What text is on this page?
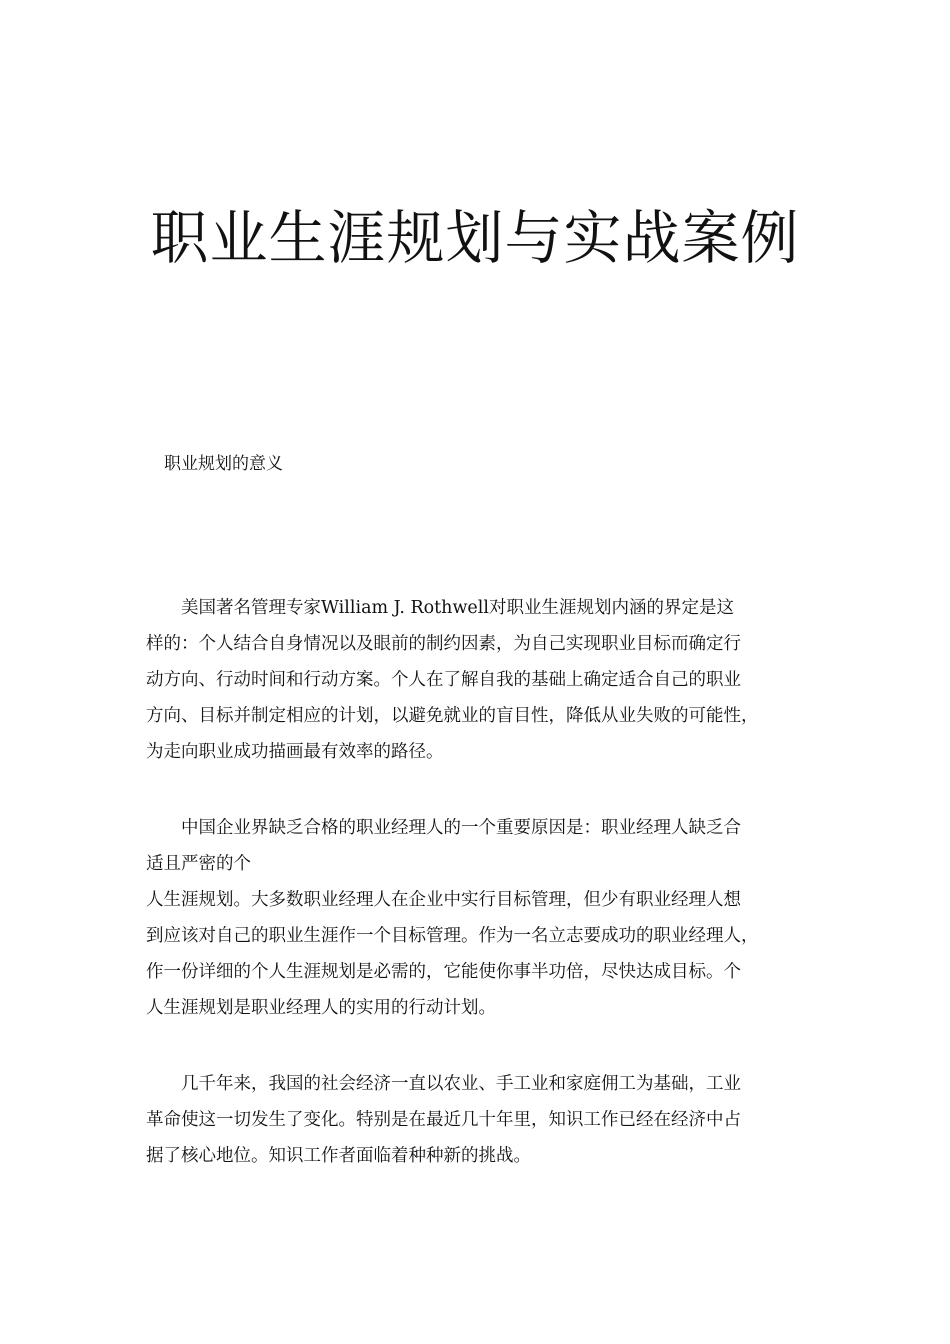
职业生涯规划与实战案例
职业规划的意义
美国著名管理专家William J. Rothwell对职业生涯规划内涵的界定是这
样的：个人结合自身情况以及眼前的制约因素，为自己实现职业目标而确定行
动方向、行动时间和行动方案。个人在了解自我的基础上确定适合自己的职业
方向、目标并制定相应的计划，以避免就业的盲目性，降低从业失败的可能性，
为走向职业成功描画最有效率的路径。
中国企业界缺乏合格的职业经理人的一个重要原因是：职业经理人缺乏合
适且严密的个
人生涯规划。大多数职业经理人在企业中实行目标管理，但少有职业经理人想
到应该对自己的职业生涯作一个目标管理。作为一名立志要成功的职业经理人，
作一份详细的个人生涯规划是必需的，它能使你事半功倍，尽快达成目标。个
人生涯规划是职业经理人的实用的行动计划。
几千年来，我国的社会经济一直以农业、手工业和家庭佣工为基础，工业
革命使这一切发生了变化。特别是在最近几十年里，知识工作已经在经济中占
据了核心地位。知识工作者面临着种种新的挑战。
